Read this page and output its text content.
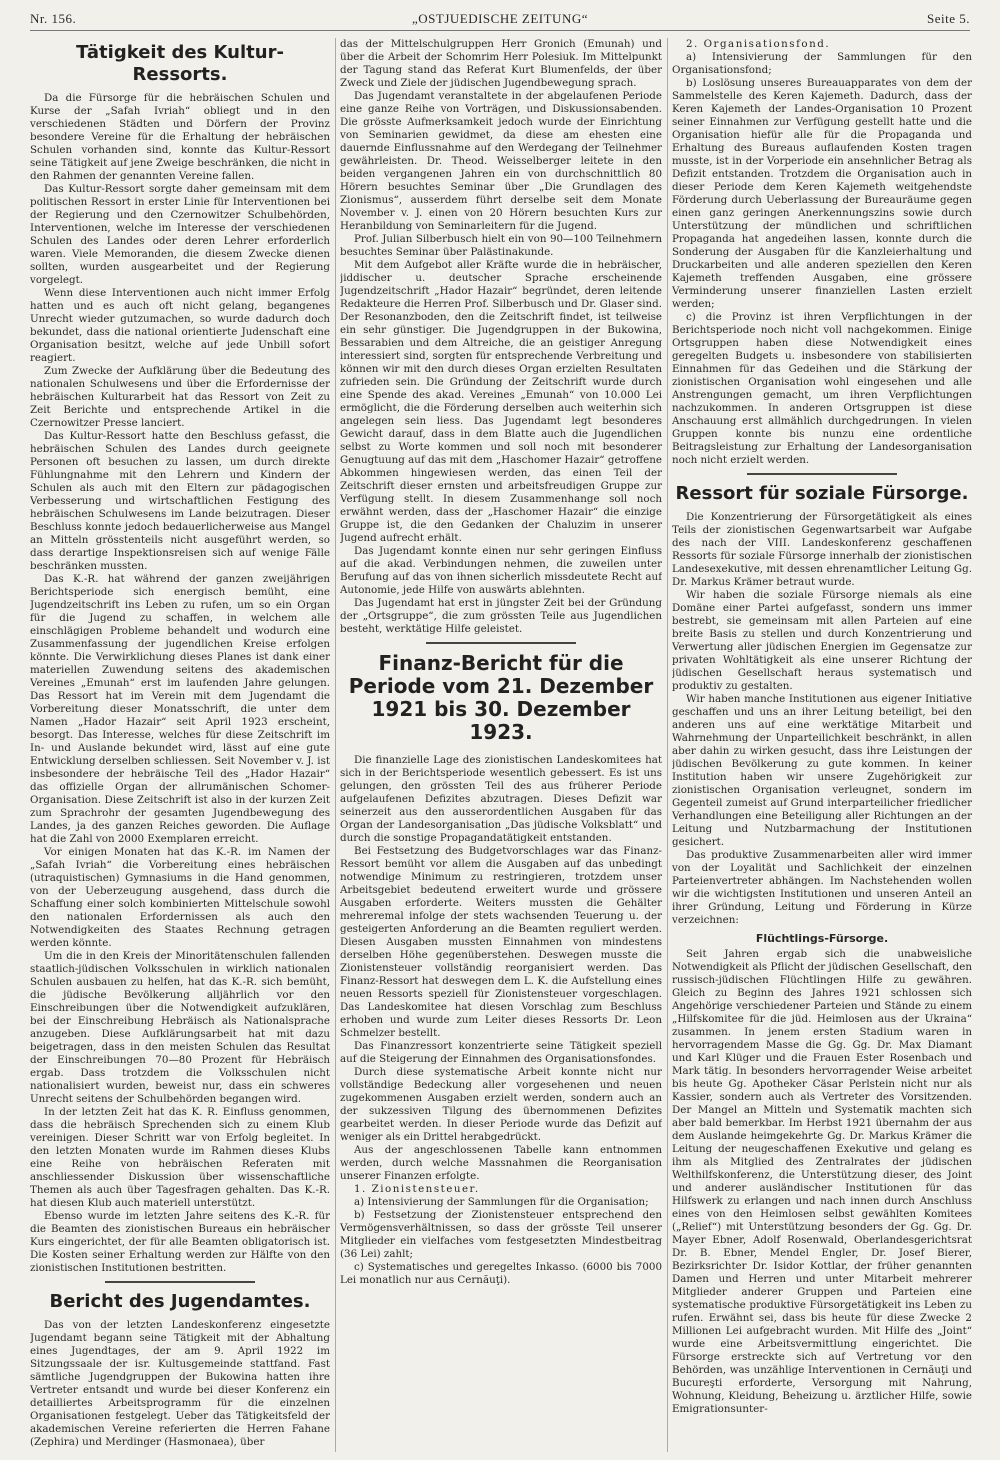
Nr. 156.	„OSTJUEDISCHE ZEITUNG“	Seite 5.
Tätigkeit des Kultur-Ressorts.

Da die Fürsorge für die hebräischen Schulen und Kurse der „Safah Ivriah“ obliegt und in den verschiedenen Städten und Dörfern der Provinz besondere Vereine für die Erhaltung der hebräischen Schulen vorhanden sind, konnte das Kultur-Ressort seine Tätigkeit auf jene Zweige beschränken, die nicht in den Rahmen der genannten Vereine fallen.

Das Kultur-Ressort sorgte daher gemeinsam mit dem politischen Ressort in erster Linie für Interventionen bei der Regierung und den Czernowitzer Schulbehörden, Interventionen, welche im Interesse der verschiedenen Schulen des Landes oder deren Lehrer erforderlich waren. Viele Memoranden, die diesem Zwecke dienen sollten, wurden ausgearbeitet und der Regierung vorgelegt.

Wenn diese Interventionen auch nicht immer Erfolg hatten und es auch oft nicht gelang, begangenes Unrecht wieder gutzumachen, so wurde dadurch doch bekundet, dass die national orientierte Judenschaft eine Organisation besitzt, welche auf jede Unbill sofort reagiert.

Zum Zwecke der Aufklärung über die Bedeutung des nationalen Schulwesens und über die Erfordernisse der hebräischen Kulturarbeit hat das Ressort von Zeit zu Zeit Berichte und entsprechende Artikel in die Czernowitzer Presse lanciert.

Das Kultur-Ressort hatte den Beschluss gefasst, die hebräischen Schulen des Landes durch geeignete Personen oft besuchen zu lassen, um durch direkte Fühlungnahme mit den Lehrern und Kindern der Schulen als auch mit den Eltern zur pädagogischen Verbesserung und wirtschaftlichen Festigung des hebräischen Schulwesens im Lande beizutragen. Dieser Beschluss konnte jedoch bedauerlicherweise aus Mangel an Mitteln grösstenteils nicht ausgeführt werden, so dass derartige Inspektionsreisen sich auf wenige Fälle beschränken mussten.

Das K.-R. hat während der ganzen zweijährigen Berichtsperiode sich energisch bemüht, eine Jugendzeitschrift ins Leben zu rufen, um so ein Organ für die Jugend zu schaffen, in welchem alle einschlägigen Probleme behandelt und wodurch eine Zusammenfassung der jugendlichen Kreise erfolgen könnte. Die Verwirklichung dieses Planes ist dank einer materiellen Zuwendung seitens des akademischen Vereines „Emunah“ erst im laufenden Jahre gelungen. Das Ressort hat im Verein mit dem Jugendamt die Vorbereitung dieser Monatsschrift, die unter dem Namen „Hador Hazair“ seit April 1923 erscheint, besorgt. Das Interesse, welches für diese Zeitschrift im In- und Auslande bekundet wird, lässt auf eine gute Entwicklung derselben schliessen. Seit November v. J. ist insbesondere der hebräische Teil des „Hador Hazair“ das offizielle Organ der allrumänischen Schomer-Organisation. Diese Zeitschrift ist also in der kurzen Zeit zum Sprachrohr der gesamten Jugendbewegung des Landes, ja des ganzen Reiches geworden. Die Auflage hat die Zahl von 2000 Exemplaren erreicht.

Vor einigen Monaten hat das K.-R. im Namen der „Safah Ivriah“ die Vorbereitung eines hebräischen (utraquistischen) Gymnasiums in die Hand genommen, von der Ueberzeugung ausgehend, dass durch die Schaffung einer solch kombinierten Mittelschule sowohl den nationalen Erfordernissen als auch den Notwendigkeiten des Staates Rechnung getragen werden könnte.

Um die in den Kreis der Minoritätenschulen fallenden staatlich-jüdischen Volksschulen in wirklich nationalen Schulen ausbauen zu helfen, hat das K.-R. sich bemüht, die jüdische Bevölkerung alljährlich vor den Einschreibungen über die Notwendigkeit aufzuklären, bei der Einschreibung Hebräisch als Nationalsprache anzugeben. Diese Aufklärungsarbeit hat mit dazu beigetragen, dass in den meisten Schulen das Resultat der Einschreibungen 70—80 Prozent für Hebräisch ergab. Dass trotzdem die Volksschulen nicht nationalisiert wurden, beweist nur, dass ein schweres Unrecht seitens der Schulbehörden begangen wird.

In der letzten Zeit hat das K. R. Einfluss genommen, dass die hebräisch Sprechenden sich zu einem Klub vereinigen. Dieser Schritt war von Erfolg begleitet. In den letzten Monaten wurde im Rahmen dieses Klubs eine Reihe von hebräischen Referaten mit anschliessender Diskussion über wissenschaftliche Themen als auch über Tagesfragen gehalten. Das K.-R. hat diesen Klub auch materiell unterstützt.

Ebenso wurde im letzten Jahre seitens des K.-R. für die Beamten des zionistischen Bureaus ein hebräischer Kurs eingerichtet, der für alle Beamten obligatorisch ist. Die Kosten seiner Erhaltung werden zur Hälfte von den zionistischen Institutionen bestritten.

Bericht des Jugendamtes.

Das von der letzten Landeskonferenz eingesetzte Jugendamt begann seine Tätigkeit mit der Abhaltung eines Jugendtages, der am 9. April 1922 im Sitzungssaale der isr. Kultusgemeinde stattfand. Fast sämtliche Jugendgruppen der Bukowina hatten ihre Vertreter entsandt und wurde bei dieser Konferenz ein detailliertes Arbeitsprogramm für die einzelnen Organisationen festgelegt. Ueber das Tätigkeitsfeld der akademischen Vereine referierten die Herren Fahane (Zephira) und Merdinger (Hasmonaea), über

das der Mittelschulgruppen Herr Gronich (Emunah) und über die Arbeit der Schomrim Herr Polesiuk. Im Mittelpunkt der Tagung stand das Referat Kurt Blumenfelds, der über Zweck und Ziele der jüdischen Jugendbewegung sprach.

Das Jugendamt veranstaltete in der abgelaufenen Periode eine ganze Reihe von Vorträgen, und Diskussionsabenden. Die grösste Aufmerksamkeit jedoch wurde der Einrichtung von Seminarien gewidmet, da diese am ehesten eine dauernde Einflussnahme auf den Werdegang der Teilnehmer gewährleisten. Dr. Theod. Weisselberger leitete in den beiden vergangenen Jahren ein von durchschnittlich 80 Hörern besuchtes Seminar über „Die Grundlagen des Zionismus“, ausserdem führt derselbe seit dem Monate November v. J. einen von 20 Hörern besuchten Kurs zur Heranbildung von Seminarleitern für die Jugend.

Prof. Julian Silberbusch hielt ein von 90—100 Teilnehmern besuchtes Seminar über Palästinakunde.

Mit dem Aufgebot aller Kräfte wurde die in hebräischer, jiddischer u. deutscher Sprache erscheinende Jugendzeitschrift „Hador Hazair“ begründet, deren leitende Redakteure die Herren Prof. Silberbusch und Dr. Glaser sind. Der Resonanzboden, den die Zeitschrift findet, ist teilweise ein sehr günstiger. Die Jugendgruppen in der Bukowina, Bessarabien und dem Altreiche, die an geistiger Anregung interessiert sind, sorgten für entsprechende Verbreitung und können wir mit den durch dieses Organ erzielten Resultaten zufrieden sein. Die Gründung der Zeitschrift wurde durch eine Spende des akad. Vereines „Emunah“ von 10.000 Lei ermöglicht, die die Förderung derselben auch weiterhin sich angelegen sein liess. Das Jugendamt legt besonderes Gewicht darauf, dass in dem Blatte auch die Jugendlichen selbst zu Worte kommen und soll noch mit besonderer Genugtuung auf das mit dem „Haschomer Hazair“ getroffene Abkommen hingewiesen werden, das einen Teil der Zeitschrift dieser ernsten und arbeitsfreudigen Gruppe zur Verfügung stellt. In diesem Zusammenhange soll noch erwähnt werden, dass der „Haschomer Hazair“ die einzige Gruppe ist, die den Gedanken der Chaluzim in unserer Jugend aufrecht erhält.

Das Jugendamt konnte einen nur sehr geringen Einfluss auf die akad. Verbindungen nehmen, die zuweilen unter Berufung auf das von ihnen sicherlich missdeutete Recht auf Autonomie, jede Hilfe von auswärts ablehnten.

Das Jugendamt hat erst in jüngster Zeit bei der Gründung der „Ortsgruppe“, die zum grössten Teile aus Jugendlichen besteht, werktätige Hilfe geleistet.

Finanz-Bericht für die Periode vom 21. Dezember 1921 bis 30. Dezember 1923.

Die finanzielle Lage des zionistischen Landeskomitees hat sich in der Berichtsperiode wesentlich gebessert. Es ist uns gelungen, den grössten Teil des aus früherer Periode aufgelaufenen Defizites abzutragen. Dieses Defizit war seinerzeit aus den ausserordentlichen Ausgaben für das Organ der Landesorganisation „Das jüdische Volksblatt“ und durch die sonstige Propagandatätigkeit entstanden.

Bei Festsetzung des Budgetvorschlages war das Finanz-Ressort bemüht vor allem die Ausgaben auf das unbedingt notwendige Minimum zu restringieren, trotzdem unser Arbeitsgebiet bedeutend erweitert wurde und grössere Ausgaben erforderte. Weiters mussten die Gehälter mehreremal infolge der stets wachsenden Teuerung u. der gesteigerten Anforderung an die Beamten reguliert werden. Diesen Ausgaben mussten Einnahmen von mindestens derselben Höhe gegenüberstehen. Deswegen musste die Zionistensteuer vollständig reorganisiert werden. Das Finanz-Ressort hat deswegen dem L. K. die Aufstellung eines neuen Ressorts speziell für Zionistensteuer vorgeschlagen. Das Landeskomitee hat diesen Vorschlag zum Beschluss erhoben und wurde zum Leiter dieses Ressorts Dr. Leon Schmelzer bestellt.

Das Finanzressort konzentrierte seine Tätigkeit speziell auf die Steigerung der Einnahmen des Organisationsfondes.

Durch diese systematische Arbeit konnte nicht nur vollständige Bedeckung aller vorgesehenen und neuen zugekommenen Ausgaben erzielt werden, sondern auch an der sukzessiven Tilgung des übernommenen Defizites gearbeitet werden. In dieser Periode wurde das Defizit auf weniger als ein Drittel herabgedrückt.

Aus der angeschlossenen Tabelle kann entnommen werden, durch welche Massnahmen die Reorganisation unserer Finanzen erfolgte.

1. Zionistensteuer.

a) Intensivierung der Sammlungen für die Organisation;

b) Festsetzung der Zionistensteuer entsprechend den Vermögensverhältnissen, so dass der grösste Teil unserer Mitglieder ein vielfaches vom festgesetzten Mindestbeitrag (36 Lei) zahlt;

c) Systematisches und geregeltes Inkasso. (6000 bis 7000 Lei monatlich nur aus Cernăuţi).

2. Organisationsfond.

a) Intensivierung der Sammlungen für den Organisationsfond;

b) Loslösung unseres Bureauapparates von dem der Sammelstelle des Keren Kajemeth. Dadurch, dass der Keren Kajemeth der Landes-Organisation 10 Prozent seiner Einnahmen zur Verfügung gestellt hatte und die Organisation hiefür alle für die Propaganda und Erhaltung des Bureaus auflaufenden Kosten tragen musste, ist in der Vorperiode ein ansehnlicher Betrag als Defizit entstanden. Trotzdem die Organisation auch in dieser Periode dem Keren Kajemeth weitgehendste Förderung durch Ueberlassung der Bureauräume gegen einen ganz geringen Anerkennungszins sowie durch Unterstützung der mündlichen und schriftlichen Propaganda hat angedeihen lassen, konnte durch die Sonderung der Ausgaben für die Kanzleierhaltung und Druckarbeiten und alle anderen speziellen den Keren Kajemeth treffenden Ausgaben, eine grössere Verminderung unserer finanziellen Lasten erzielt werden;

c) die Provinz ist ihren Verpflichtungen in der Berichtsperiode noch nicht voll nachgekommen. Einige Ortsgruppen haben diese Notwendigkeit eines geregelten Budgets u. insbesondere von stabilisierten Einnahmen für das Gedeihen und die Stärkung der zionistischen Organisation wohl eingesehen und alle Anstrengungen gemacht, um ihren Verpflichtungen nachzukommen. In anderen Ortsgruppen ist diese Anschauung erst allmählich durchgedrungen. In vielen Gruppen konnte bis nunzu eine ordentliche Beitragsleistung zur Erhaltung der Landesorganisation noch nicht erzielt werden.

Ressort für soziale Fürsorge.

Die Konzentrierung der Fürsorgetätigkeit als eines Teils der zionistischen Gegenwartsarbeit war Aufgabe des nach der VIII. Landeskonferenz geschaffenen Ressorts für soziale Fürsorge innerhalb der zionistischen Landesexekutive, mit dessen ehrenamtlicher Leitung Gg. Dr. Markus Krämer betraut wurde.

Wir haben die soziale Fürsorge niemals als eine Domäne einer Partei aufgefasst, sondern uns immer bestrebt, sie gemeinsam mit allen Parteien auf eine breite Basis zu stellen und durch Konzentrierung und Verwertung aller jüdischen Energien im Gegensatze zur privaten Wohltätigkeit als eine unserer Richtung der jüdischen Gesellschaft heraus systematisch und produktiv zu gestalten.

Wir haben manche Institutionen aus eigener Initiative geschaffen und uns an ihrer Leitung beteiligt, bei den anderen uns auf eine werktätige Mitarbeit und Wahrnehmung der Unparteilichkeit beschränkt, in allen aber dahin zu wirken gesucht, dass ihre Leistungen der jüdischen Bevölkerung zu gute kommen. In keiner Institution haben wir unsere Zugehörigkeit zur zionistischen Organisation verleugnet, sondern im Gegenteil zumeist auf Grund interparteilicher friedlicher Verhandlungen eine Beteiligung aller Richtungen an der Leitung und Nutzbarmachung der Institutionen gesichert.

Das produktive Zusammenarbeiten aller wird immer von der Loyalität und Sachlichkeit der einzelnen Parteienvertreter abhängen. Im Nachstehenden wollen wir die wichtigsten Institutionen und unseren Anteil an ihrer Gründung, Leitung und Förderung in Kürze verzeichnen:

Flüchtlings-Fürsorge.

Seit Jahren ergab sich die unabweisliche Notwendigkeit als Pflicht der jüdischen Gesellschaft, den russisch-jüdischen Flüchtlingen Hilfe zu gewähren. Gleich zu Beginn des Jahres 1921 schlossen sich Angehörige verschiedener Parteien und Stände zu einem „Hilfskomitee für die jüd. Heimlosen aus der Ukraina“ zusammen. In jenem ersten Stadium waren in hervorragendem Masse die Gg. Gg. Dr. Max Diamant und Karl Klüger und die Frauen Ester Rosenbach und Mark tätig. In besonders hervorragender Weise arbeitet bis heute Gg. Apotheker Cäsar Perlstein nicht nur als Kassier, sondern auch als Vertreter des Vorsitzenden. Der Mangel an Mitteln und Systematik machten sich aber bald bemerkbar. Im Herbst 1921 übernahm der aus dem Auslande heimgekehrte Gg. Dr. Markus Krämer die Leitung der neugeschaffenen Exekutive und gelang es ihm als Mitglied des Zentralrates der jüdischen Welthilfskonferenz, die Unterstützung dieser, des Joint und anderer ausländischer Institutionen für das Hilfswerk zu erlangen und nach innen durch Anschluss eines von den Heimlosen selbst gewählten Komitees („Relief“) mit Unterstützung besonders der Gg. Gg. Dr. Mayer Ebner, Adolf Rosenwald, Oberlandesgerichtsrat Dr. B. Ebner, Mendel Engler, Dr. Josef Bierer, Bezirksrichter Dr. Isidor Kottlar, der früher genannten Damen und Herren und unter Mitarbeit mehrerer Mitglieder anderer Gruppen und Parteien eine systematische produktive Fürsorgetätigkeit ins Leben zu rufen. Erwähnt sei, dass bis heute für diese Zwecke 2 Millionen Lei aufgebracht wurden. Mit Hilfe des „Joint“ wurde eine Arbeitsvermittlung eingerichtet. Die Fürsorge erstreckte sich auf Vertretung vor den Behörden, was unzählige Interventionen in Cernăuţi und Bucureşti erforderte, Versorgung mit Nahrung, Wohnung, Kleidung, Beheizung u. ärztlicher Hilfe, sowie Emigrationsunter-
